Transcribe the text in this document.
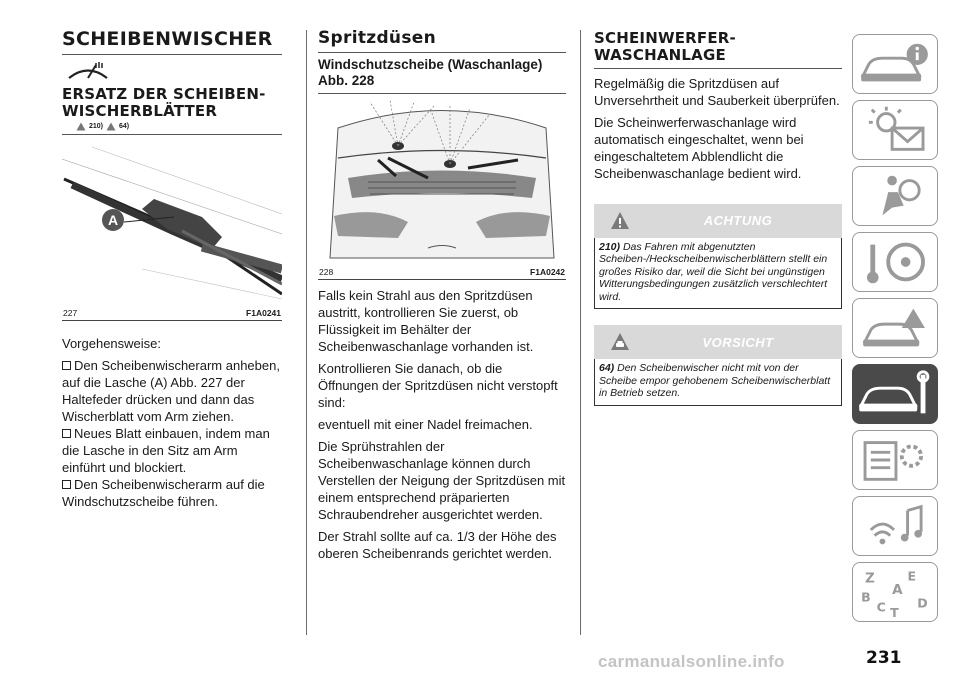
SCHEIBENWISCHER
ERSATZ DER SCHEIBEN-
WISCHERBLÄTTER
210) 64)
A
227	F1A0241

Vorgehensweise:

Den Scheibenwischerarm anheben, auf die Lasche (A) Abb. 227 der Haltefeder drücken und dann das Wischerblatt vom Arm ziehen.

Neues Blatt einbauen, indem man die Lasche in den Sitz am Arm einführt und blockiert.

Den Scheibenwischerarm auf die Windschutzscheibe führen.

Spritzdüsen
Windschutzscheibe (Waschanlage) Abb. 228
228	F1A0242

Falls kein Strahl aus den Spritzdüsen austritt, kontrollieren Sie zuerst, ob Flüssigkeit im Behälter der Scheibenwaschanlage vorhanden ist.

Kontrollieren Sie danach, ob die Öffnungen der Spritzdüsen nicht verstopft sind:

eventuell mit einer Nadel freimachen.

Die Sprühstrahlen der Scheibenwaschanlage können durch Verstellen der Neigung der Spritzdüsen mit einem entsprechend präparierten Schraubendreher ausgerichtet werden.

Der Strahl sollte auf ca. 1/3 der Höhe des oberen Scheibenrands gerichtet werden.

SCHEINWERFER-
WASCHANLAGE

Regelmäßig die Spritzdüsen auf Unversehrtheit und Sauberkeit überprüfen.

Die Scheinwerferwaschanlage wird automatisch eingeschaltet, wenn bei eingeschaltetem Abblendlicht die Scheibenwaschanlage bedient wird.

ACHTUNG
210) Das Fahren mit abgenutzten Scheiben-/Heckscheibenwischerblättern stellt ein großes Risiko dar, weil die Sicht bei ungünstigen Witterungsbedingungen zusätzlich verschlechtert wird.
VORSICHT
64) Den Scheibenwischer nicht mit von der Scheibe empor gehobenem Scheibenwischerblatt in Betrieb setzen.
Z	E
A
B
C D
T
carmanualsonline.info	231
